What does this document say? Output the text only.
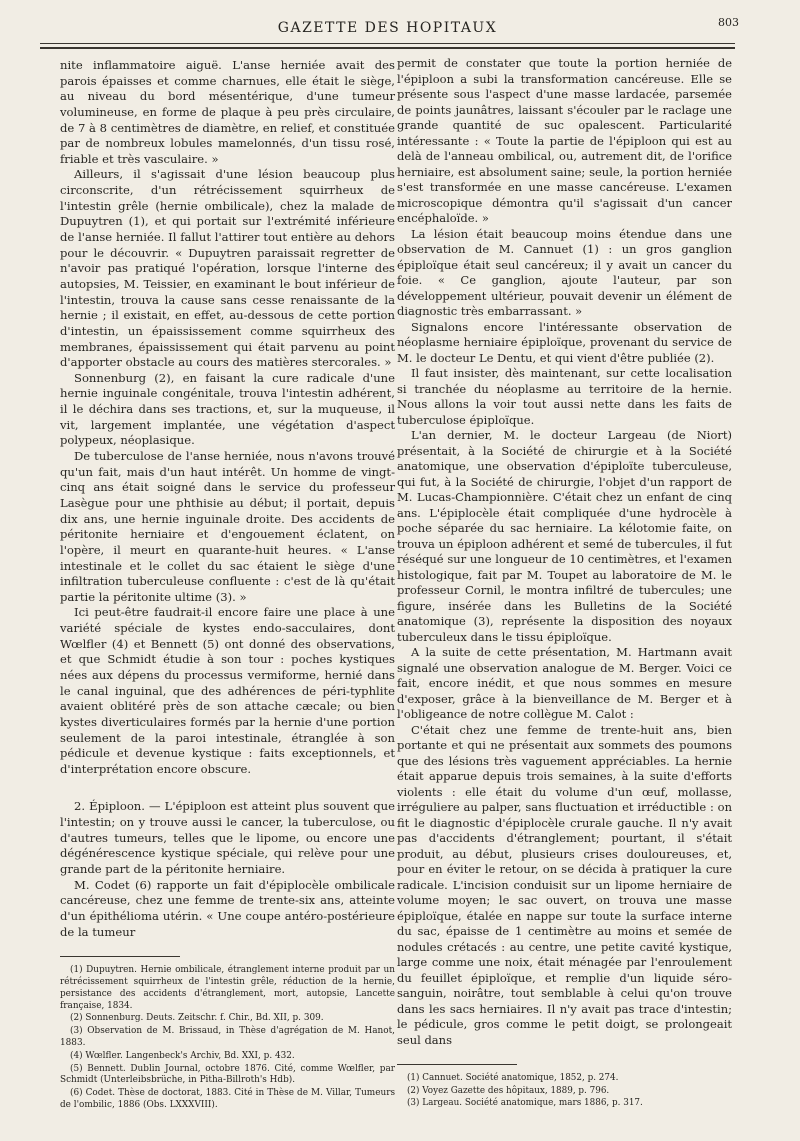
GAZETTE DES HOPITAUX	803

nite inflammatoire aiguë. L'anse herniée avait des parois épaisses et comme charnues, elle était le siège, au niveau du bord mésentérique, d'une tumeur volumineuse, en forme de plaque à peu près circulaire, de 7 à 8 centimètres de diamètre, en relief, et constituée par de nombreux lobules mamelonnés, d'un tissu rosé, friable et très vasculaire. »

Ailleurs, il s'agissait d'une lésion beaucoup plus circonscrite, d'un rétrécissement squirrheux de l'intestin grêle (hernie ombilicale), chez la malade de Dupuytren (1), et qui portait sur l'extrémité inférieure de l'anse herniée. Il fallut l'attirer tout entière au dehors pour le découvrir. « Dupuytren paraissait regretter de n'avoir pas pratiqué l'opération, lorsque l'interne des autopsies, M. Teissier, en examinant le bout inférieur de l'intestin, trouva la cause sans cesse renaissante de la hernie ; il existait, en effet, au-dessous de cette portion d'intestin, un épaississement comme squirrheux des membranes, épaississement qui était parvenu au point d'apporter obstacle au cours des matières stercorales. »

Sonnenburg (2), en faisant la cure radicale d'une hernie inguinale congénitale, trouva l'intestin adhérent, il le déchira dans ses tractions, et, sur la muqueuse, il vit, largement implantée, une végétation d'aspect polypeux, néoplasique.

De tuberculose de l'anse herniée, nous n'avons trouvé qu'un fait, mais d'un haut intérêt. Un homme de vingt-cinq ans était soigné dans le service du professeur Lasègue pour une phthisie au début; il portait, depuis dix ans, une hernie inguinale droite. Des accidents de péritonite herniaire et d'engouement éclatent, on l'opère, il meurt en quarante-huit heures. « L'anse intestinale et le collet du sac étaient le siège d'une infiltration tuberculeuse confluente : c'est de là qu'était partie la péritonite ultime (3). »

Ici peut-être faudrait-il encore faire une place à une variété spéciale de kystes endo-sacculaires, dont Wœlfler (4) et Bennett (5) ont donné des observations, et que Schmidt étudie à son tour : poches kystiques nées aux dépens du processus vermiforme, hernié dans le canal inguinal, que des adhérences de péri-typhlite avaient oblitéré près de son attache cæcale; ou bien kystes diverticulaires formés par la hernie d'une portion seulement de la paroi intestinale, étranglée à son pédicule et devenue kystique : faits exceptionnels, et d'interprétation encore obscure.

2. Épiploon. — L'épiploon est atteint plus souvent que l'intestin; on y trouve aussi le cancer, la tuberculose, ou d'autres tumeurs, telles que le lipome, ou encore une dégénérescence kystique spéciale, qui relève pour une grande part de la péritonite herniaire.

M. Codet (6) rapporte un fait d'épiplocèle ombilicale cancéreuse, chez une femme de trente-six ans, atteinte d'un épithélioma utérin. « Une coupe antéro-postérieure de la tumeur

(1) Dupuytren. Hernie ombilicale, étranglement interne produit par un rétrécissement squirrheux de l'intestin grêle, réduction de la hernie, persistance des accidents d'étranglement, mort, autopsie, Lancette française, 1834.

(2) Sonnenburg. Deuts. Zeitschr. f. Chir., Bd. XII, p. 309.

(3) Observation de M. Brissaud, in Thèse d'agrégation de M. Hanot, 1883.

(4) Wœlfler. Langenbeck's Archiv, Bd. XXI, p. 432.

(5) Bennett. Dublin Journal, octobre 1876. Cité, comme Wœlfler, par Schmidt (Unterleibsbrüche, in Pitha-Billroth's Hdb).

(6) Codet. Thèse de doctorat, 1883. Cité in Thèse de M. Villar, Tumeurs de l'ombilic, 1886 (Obs. LXXXVIII).

permit de constater que toute la portion herniée de l'épiploon a subi la transformation cancéreuse. Elle se présente sous l'aspect d'une masse lardacée, parsemée de points jaunâtres, laissant s'écouler par le raclage une grande quantité de suc opalescent. Particularité intéressante : « Toute la partie de l'épiploon qui est au delà de l'anneau ombilical, ou, autrement dit, de l'orifice herniaire, est absolument saine; seule, la portion herniée s'est transformée en une masse cancéreuse. L'examen microscopique démontra qu'il s'agissait d'un cancer encéphaloïde. »

La lésion était beaucoup moins étendue dans une observation de M. Cannuet (1) : un gros ganglion épiploïque était seul cancéreux; il y avait un cancer du foie. « Ce ganglion, ajoute l'auteur, par son développement ultérieur, pouvait devenir un élément de diagnostic très embarrassant. »

Signalons encore l'intéressante observation de néoplasme herniaire épiploïque, provenant du service de M. le docteur Le Dentu, et qui vient d'être publiée (2).

Il faut insister, dès maintenant, sur cette localisation si tranchée du néoplasme au territoire de la hernie. Nous allons la voir tout aussi nette dans les faits de tuberculose épiploïque.

L'an dernier, M. le docteur Largeau (de Niort) présentait, à la Société de chirurgie et à la Société anatomique, une observation d'épiploïte tuberculeuse, qui fut, à la Société de chirurgie, l'objet d'un rapport de M. Lucas-Championnière. C'était chez un enfant de cinq ans. L'épiplocèle était compliquée d'une hydrocèle à poche séparée du sac herniaire. La kélotomie faite, on trouva un épiploon adhérent et semé de tubercules, il fut réséqué sur une longueur de 10 centimètres, et l'examen histologique, fait par M. Toupet au laboratoire de M. le professeur Cornil, le montra infiltré de tubercules; une figure, insérée dans les Bulletins de la Société anatomique (3), représente la disposition des noyaux tuberculeux dans le tissu épiploïque.

A la suite de cette présentation, M. Hartmann avait signalé une observation analogue de M. Berger. Voici ce fait, encore inédit, et que nous sommes en mesure d'exposer, grâce à la bienveillance de M. Berger et à l'obligeance de notre collègue M. Calot :

C'était chez une femme de trente-huit ans, bien portante et qui ne présentait aux sommets des poumons que des lésions très vaguement appréciables. La hernie était apparue depuis trois semaines, à la suite d'efforts violents : elle était du volume d'un œuf, mollasse, irréguliere au palper, sans fluctuation et irréductible : on fit le diagnostic d'épiplocèle crurale gauche. Il n'y avait pas d'accidents d'étranglement; pourtant, il s'était produit, au début, plusieurs crises douloureuses, et, pour en éviter le retour, on se décida à pratiquer la cure radicale. L'incision conduisit sur un lipome herniaire de volume moyen; le sac ouvert, on trouva une masse épiploïque, étalée en nappe sur toute la surface interne du sac, épaisse de 1 centimètre au moins et semée de nodules crétacés : au centre, une petite cavité kystique, large comme une noix, était ménagée par l'enroulement du feuillet épiploïque, et remplie d'un liquide séro-sanguin, noirâtre, tout semblable à celui qu'on trouve dans les sacs herniaires. Il n'y avait pas trace d'intestin; le pédicule, gros comme le petit doigt, se prolongeait seul dans

(1) Cannuet. Société anatomique, 1852, p. 274.

(2) Voyez Gazette des hôpitaux, 1889, p. 796.

(3) Largeau. Société anatomique, mars 1886, p. 317.
